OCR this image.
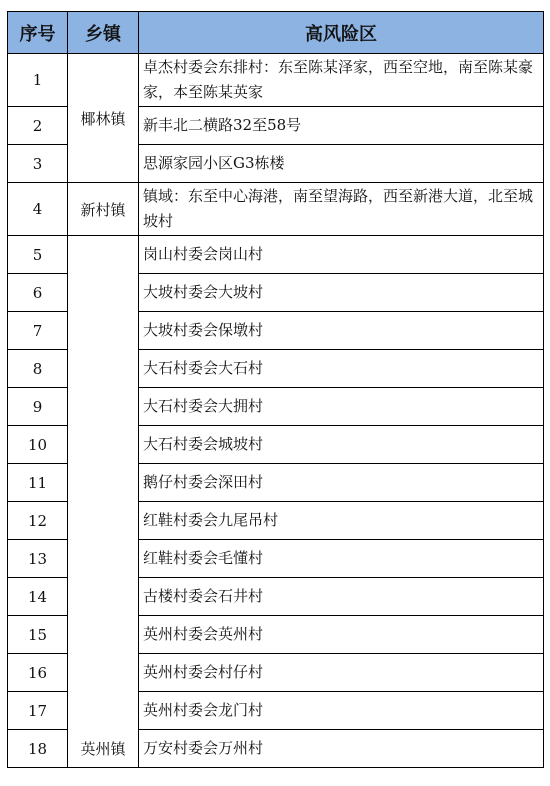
序号	乡镇	高风险区
1	椰林镇	卓杰村委会东排村：东至陈某泽家，西至空地，南至陈某豪家，本至陈某英家
2		新丰北二横路32至58号
3		思源家园小区G3栋楼
4	新村镇	镇域：东至中心海港，南至望海路，西至新港大道，北至城坡村
5	英州镇	岗山村委会岗山村
6		大坡村委会大坡村
7		大坡村委会保墩村
8		大石村委会大石村
9		大石村委会大拥村
10		大石村委会城坡村
11		鹅仔村委会深田村
12		红鞋村委会九尾吊村
13		红鞋村委会毛懂村
14		古楼村委会石井村
15		英州村委会英州村
16		英州村委会村仔村
17		英州村委会龙门村
18		万安村委会万州村
